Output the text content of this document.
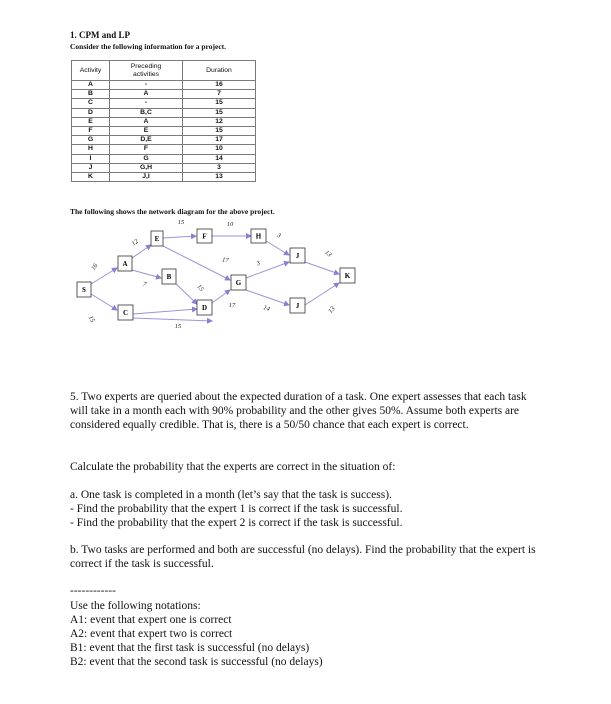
1. CPM and LP
Consider the following information for a project.
Activity	Preceding activities	Duration
A	-	16
B	A	7
C	-	15
D	B,C	15
E	A	12
F	E	15
G	D,E	17
H	F	10
I	G	14
J	G,H	3
K	J,I	13
The following shows the network diagram for the above project.
S
A
B
C
D
E	F
G
H
J
J
K
16
15
7
15
12
15
15
10
17
17
3
3
14
13
13
5. Two experts are queried about the expected duration of a task. One expert assesses that each task will take in a month each with 90% probability and the other gives 50%. Assume both experts are considered equally credible. That is, there is a 50/50 chance that each expert is correct.
Calculate the probability that the experts are correct in the situation of:
a. One task is completed in a month (let’s say that the task is success).
- Find the probability that the expert 1 is correct if the task is successful.
- Find the probability that the expert 2 is correct if the task is successful.
b. Two tasks are performed and both are successful (no delays). Find the probability that the expert is correct if the task is successful.
------------
Use the following notations:
A1: event that expert one is correct
A2: event that expert two is correct
B1: event that the first task is successful (no delays)
B2: event that the second task is successful (no delays)
